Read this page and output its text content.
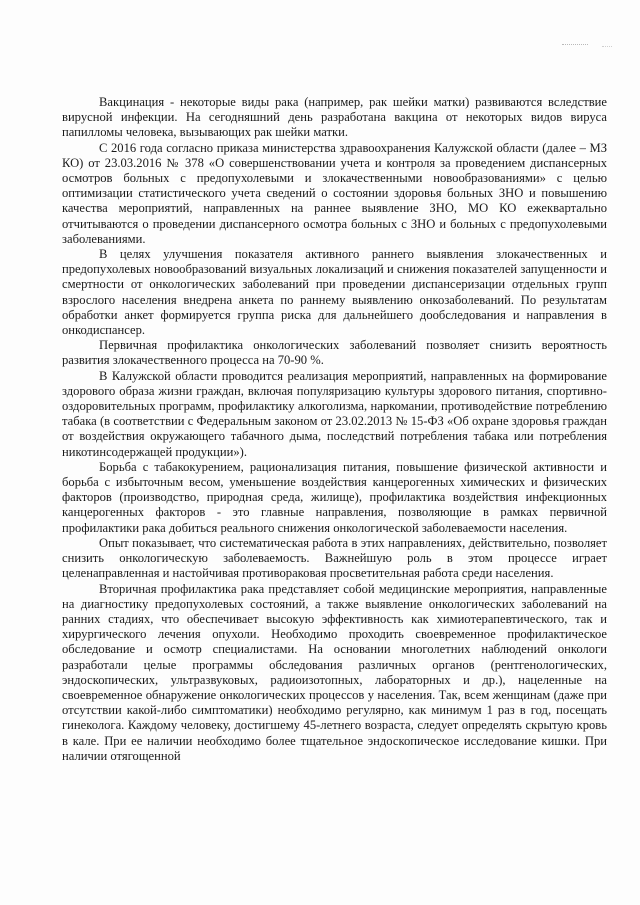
Вакцинация - некоторые виды рака (например, рак шейки матки) развиваются вследствие вирусной инфекции. На сегодняшний день разработана вакцина от некоторых видов вируса папилломы человека, вызывающих рак шейки матки.

С 2016 года согласно приказа министерства здравоохранения Калужской области (далее – МЗ КО) от 23.03.2016 № 378 «О совершенствовании учета и контроля за проведением диспансерных осмотров больных с предопухолевыми и злокачественными новообразованиями» с целью оптимизации статистического учета сведений о состоянии здоровья больных ЗНО и повышению качества мероприятий, направленных на раннее выявление ЗНО, МО КО ежеквартально отчитываются о проведении диспансерного осмотра больных с ЗНО и больных с предопухолевыми заболеваниями.

В целях улучшения показателя активного раннего выявления злокачественных и предопухолевых новообразований визуальных локализаций и снижения показателей запущенности и смертности от онкологических заболеваний при проведении диспансеризации отдельных групп взрослого населения внедрена анкета по раннему выявлению онкозаболеваний. По результатам обработки анкет формируется группа риска для дальнейшего дообследования и направления в онкодиспансер.

Первичная профилактика онкологических заболеваний позволяет снизить вероятность развития злокачественного процесса на 70-90 %.

В Калужской области проводится реализация мероприятий, направленных на формирование здорового образа жизни граждан, включая популяризацию культуры здорового питания, спортивно-оздоровительных программ, профилактику алкоголизма, наркомании, противодействие потреблению табака (в соответствии с Федеральным законом от 23.02.2013 № 15-ФЗ «Об охране здоровья граждан от воздействия окружающего табачного дыма, последствий потребления табака или потребления никотинсодержащей продукции»).

Борьба с табакокурением, рационализация питания, повышение физической активности и борьба с избыточным весом, уменьшение воздействия канцерогенных химических и физических факторов (производство, природная среда, жилище), профилактика воздействия инфекционных канцерогенных факторов - это главные направления, позволяющие в рамках первичной профилактики рака добиться реального снижения онкологической заболеваемости населения.

Опыт показывает, что систематическая работа в этих направлениях, действительно, позволяет снизить онкологическую заболеваемость. Важнейшую роль в этом процессе играет целенаправленная и настойчивая противораковая просветительная работа среди населения.

Вторичная профилактика рака представляет собой медицинские мероприятия, направленные на диагностику предопухолевых состояний, а также выявление онкологических заболеваний на ранних стадиях, что обеспечивает высокую эффективность как химиотерапевтического, так и хирургического лечения опухоли. Необходимо проходить своевременное профилактическое обследование и осмотр специалистами. На основании многолетних наблюдений онкологи разработали целые программы обследования различных органов (рентгенологических, эндоскопических, ультразвуковых, радиоизотопных, лабораторных и др.), нацеленные на своевременное обнаружение онкологических процессов у населения. Так, всем женщинам (даже при отсутствии какой-либо симптоматики) необходимо регулярно, как минимум 1 раз в год, посещать гинеколога. Каждому человеку, достигшему 45-летнего возраста, следует определять скрытую кровь в кале. При ее наличии необходимо более тщательное эндоскопическое исследование кишки. При наличии отягощенной
